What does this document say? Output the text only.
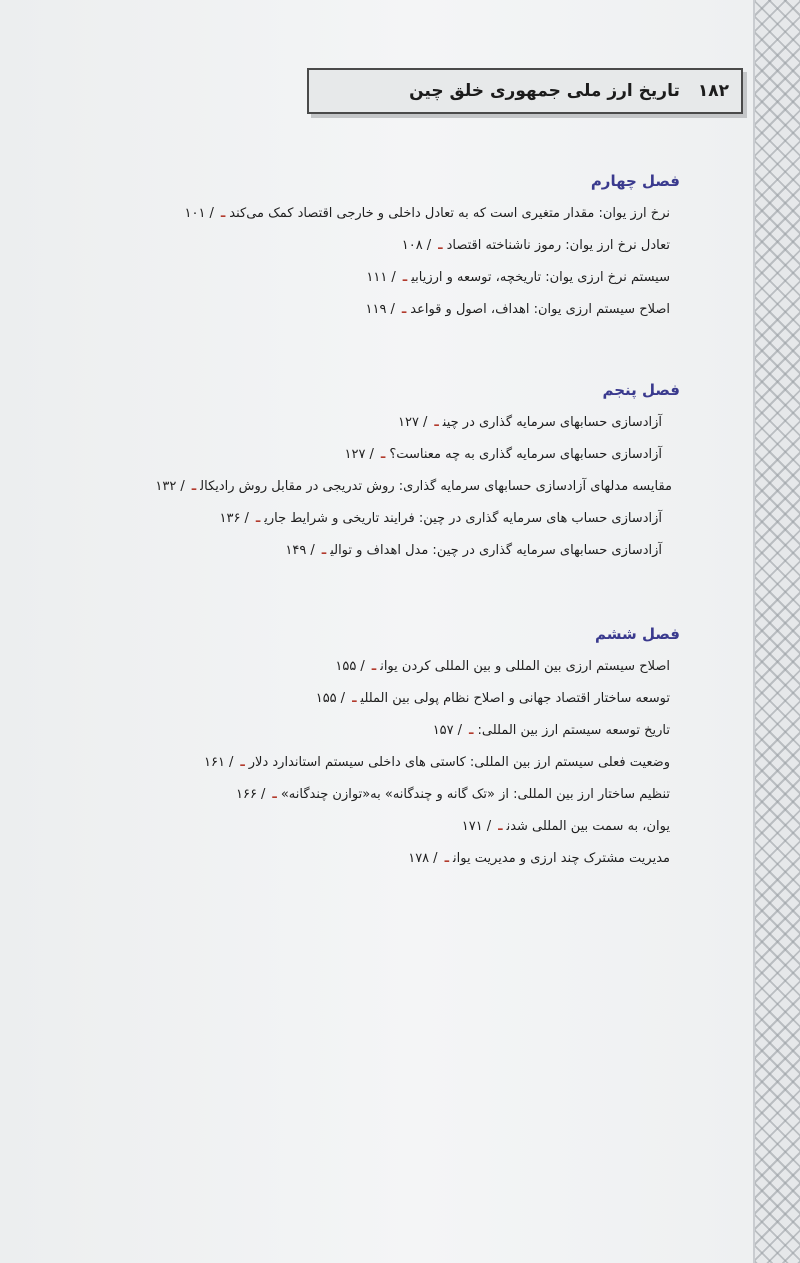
۱۸۲
تاریخ ارز ملی جمهوری خلق چین
فصل چهارم
نرخ ارز یوان: مقدار متغیری است که به تعادل داخلی و خارجی اقتصاد کمک می‌کندـ/۱۰۱
تعادل نرخ ارز یوان: رموز ناشناخته اقتصادـ/۱۰۸
سیستم نرخ ارزی یوان: تاریخچه، توسعه و ارزیابیـ/۱۱۱
اصلاح سیستم ارزی یوان: اهداف، اصول و قواعدـ/۱۱۹
فصل پنجم
آزادسازی حسابهای سرمایه گذاری در چینـ/۱۲۷
آزادسازی حسابهای سرمایه گذاری به چه معناست؟ـ/۱۲۷
مقایسه مدلهای آزادسازی حسابهای سرمایه گذاری: روش تدریجی در مقابل روش رادیکالـ/۱۳۲
آزادسازی حساب های سرمایه گذاری در چین: فرایند تاریخی و شرایط جاریـ/۱۳۶
آزادسازی حسابهای سرمایه گذاری در چین: مدل اهداف و توالیـ/۱۴۹
فصل ششم
اصلاح سیستم ارزی بین المللی و بین المللی کردن یوانـ/۱۵۵
توسعه ساختار اقتصاد جهانی و اصلاح نظام پولی بین المللیـ/۱۵۵
تاریخ توسعه سیستم ارز بین المللی:ـ/۱۵۷
وضعیت فعلی سیستم ارز بین المللی: کاستی های داخلی سیستم استاندارد دلارـ/۱۶۱
تنظیم ساختار ارز بین المللی: از «تک گانه و چندگانه» به«توازن چندگانه»ـ/۱۶۶
یوان، به سمت بین المللی شدنـ/۱۷۱
مدیریت مشترک چند ارزی و مدیریت یوانـ/۱۷۸
